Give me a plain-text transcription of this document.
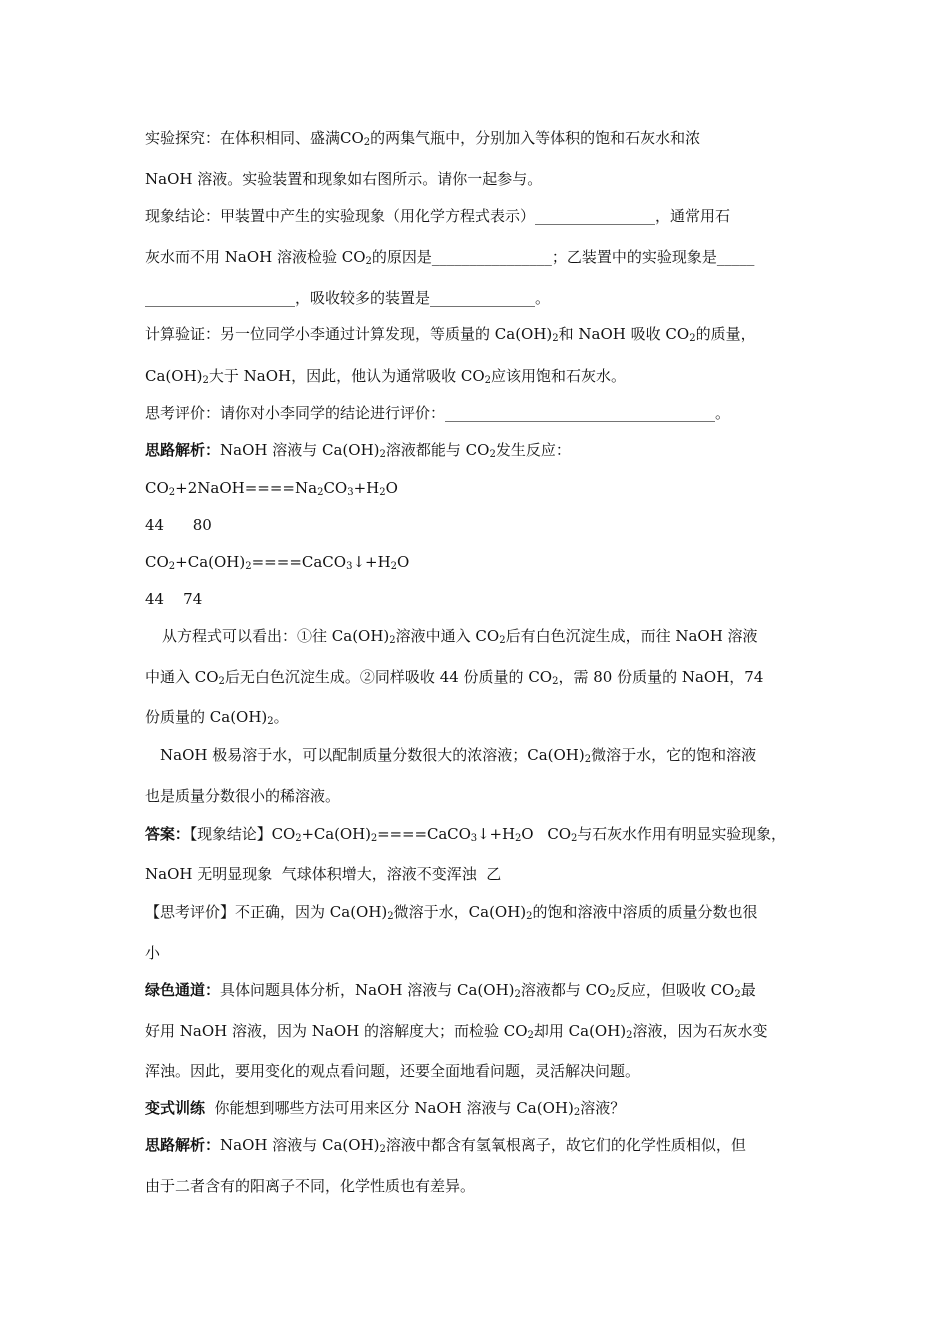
实验探究：在体积相同、盛满$CO_2$的两集气瓶中，分别加入等体积的饱和石灰水和浓
NaOH 溶液。实验装置和现象如右图所示。请你一起参与。
现象结论：甲装置中产生的实验现象（用化学方程式表示）________________，通常用石
灰水而不用 NaOH 溶液检验 $CO_2$的原因是________________；乙装置中的实验现象是_____
____________________，吸收较多的装置是______________。
计算验证：另一位同学小李通过计算发现，等质量的 $Ca(OH)_2$和 NaOH 吸收 $CO_2$的质量，
$Ca(OH)_2$大于 NaOH，因此，他认为通常吸收 $CO_2$应该用饱和石灰水。
思考评价：请你对小李同学的结论进行评价：____________________________________。
思路解析：NaOH 溶液与 $Ca(OH)_2$溶液都能与 $CO_2$发生反应：
$CO_2+2NaOH====Na_2CO_3+H_2O$
44      80
$CO_2+Ca(OH)_2====CaCO_3↓+H_2O$
44    74
从方程式可以看出：①往 $Ca(OH)_2$溶液中通入 $CO_2$后有白色沉淀生成，而往 NaOH 溶液
中通入 $CO_2$后无白色沉淀生成。②同样吸收 44 份质量的 $CO_2$，需 80 份质量的 NaOH，74
份质量的 $Ca(OH)_2$。
NaOH 极易溶于水，可以配制质量分数很大的浓溶液；$Ca(OH)_2$微溶于水，它的饱和溶液
也是质量分数很小的稀溶液。
答案：【现象结论】$CO_2+Ca(OH)_2====CaCO_3↓+H_2O$   $CO_2$与石灰水作用有明显实验现象，
NaOH 无明显现象  气球体积增大，溶液不变浑浊  乙
【思考评价】不正确，因为 $Ca(OH)_2$微溶于水，$Ca(OH)_2$的饱和溶液中溶质的质量分数也很
小
绿色通道：具体问题具体分析，NaOH 溶液与 $Ca(OH)_2$溶液都与 $CO_2$反应，但吸收 $CO_2$最
好用 NaOH 溶液，因为 NaOH 的溶解度大；而检验 $CO_2$却用 $Ca(OH)_2$溶液，因为石灰水变
浑浊。因此，要用变化的观点看问题，还要全面地看问题，灵活解决问题。
变式训练  你能想到哪些方法可用来区分 NaOH 溶液与 $Ca(OH)_2$溶液？
思路解析：NaOH 溶液与 $Ca(OH)_2$溶液中都含有氢氧根离子，故它们的化学性质相似，但
由于二者含有的阳离子不同，化学性质也有差异。
